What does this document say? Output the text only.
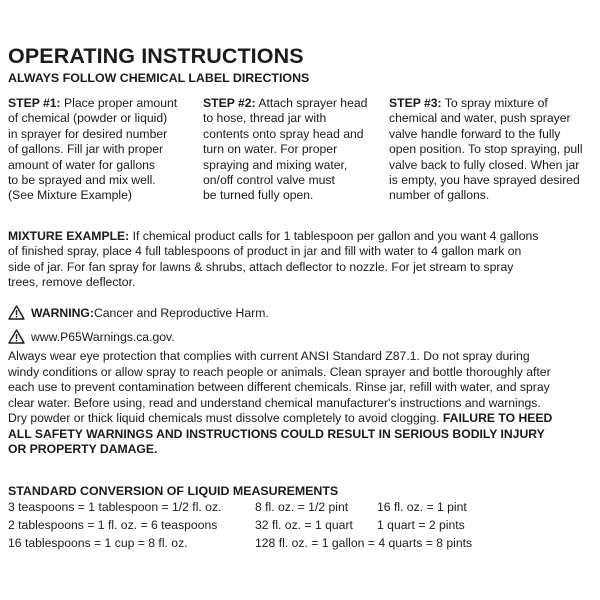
OPERATING INSTRUCTIONS
ALWAYS FOLLOW CHEMICAL LABEL DIRECTIONS
STEP #1: Place proper amount
of chemical (powder or liquid)
in sprayer for desired number
of gallons. Fill jar with proper
amount of water for gallons
to be sprayed and mix well.
(See Mixture Example)
STEP #2: Attach sprayer head
to hose, thread jar with
contents onto spray head and
turn on water. For proper
spraying and mixing water,
on/off control valve must
be turned fully open.
STEP #3: To spray mixture of
chemical and water, push sprayer
valve handle forward to the fully
open position. To stop spraying, pull
valve back to fully closed. When jar
is empty, you have sprayed desired
number of gallons.
MIXTURE EXAMPLE: If chemical product calls for 1 tablespoon per gallon and you want 4 gallons
of finished spray, place 4 full tablespoons of product in jar and fill with water to 4 gallon mark on
side of jar. For fan spray for lawns & shrubs, attach deflector to nozzle. For jet stream to spray
trees, remove deflector.
WARNING: Cancer and Reproductive Harm.
www.P65Warnings.ca.gov.
Always wear eye protection that complies with current ANSI Standard Z87.1. Do not spray during
windy conditions or allow spray to reach people or animals. Clean sprayer and bottle thoroughly after
each use to prevent contamination between different chemicals. Rinse jar, refill with water, and spray
clear water. Before using, read and understand chemical manufacturer's instructions and warnings.
Dry powder or thick liquid chemicals must dissolve completely to avoid clogging. FAILURE TO HEED
ALL SAFETY WARNINGS AND INSTRUCTIONS COULD RESULT IN SERIOUS BODILY INJURY
OR PROPERTY DAMAGE.
STANDARD CONVERSION OF LIQUID MEASUREMENTS
3 teaspoons = 1 tablespoon = 1/2 fl. oz.
2 tablespoons = 1 fl. oz. = 6 teaspoons
16 tablespoons = 1 cup = 8 fl. oz.
8 fl. oz. = 1/2 pint
32 fl. oz. = 1 quart
128 fl. oz. = 1 gallon = 4 quarts = 8 pints
16 fl. oz. = 1 pint
1 quart = 2 pints
